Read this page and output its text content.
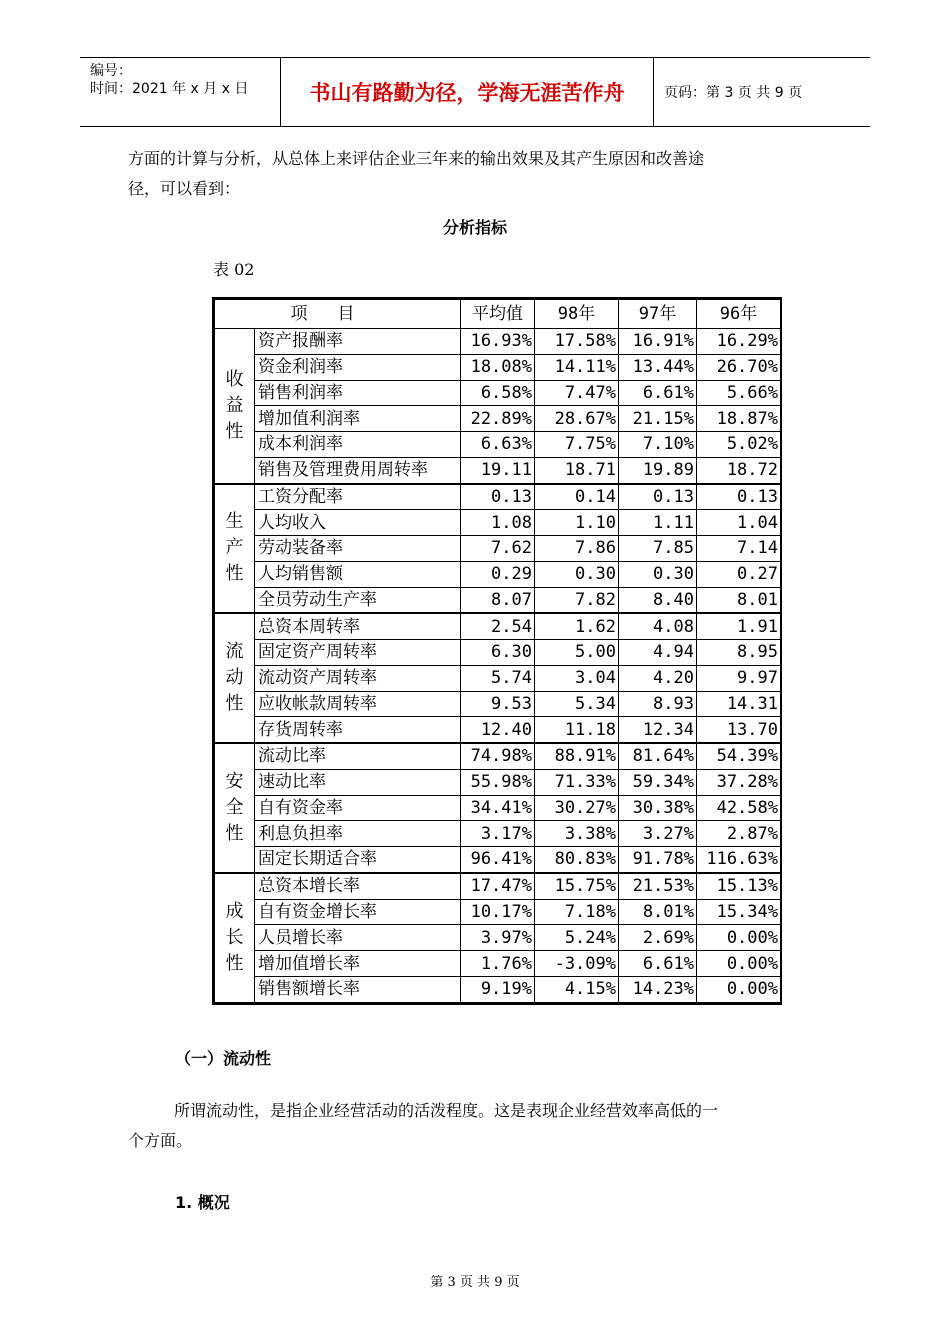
编号：
时间：2021 年 x 月 x 日	书山有路勤为径，学海无涯苦作舟	页码：第 3 页 共 9 页
方面的计算与分析，从总体上来评估企业三年来的输出效果及其产生原因和改善途
径，可以看到：
分析指标
表 02
项目		平均值	98年	97年	96年
收益性	资产报酬率	16.93%	17.58%	16.91%	16.29%
	资金利润率	18.08%	14.11%	13.44%	26.70%
	销售利润率	6.58%	7.47%	6.61%	5.66%
	增加值利润率	22.89%	28.67%	21.15%	18.87%
	成本利润率	6.63%	7.75%	7.10%	5.02%
	销售及管理费用周转率	19.11	18.71	19.89	18.72
生产性	工资分配率	0.13	0.14	0.13	0.13
	人均收入	1.08	1.10	1.11	1.04
	劳动装备率	7.62	7.86	7.85	7.14
	人均销售额	0.29	0.30	0.30	0.27
	全员劳动生产率	8.07	7.82	8.40	8.01
流动性	总资本周转率	2.54	1.62	4.08	1.91
	固定资产周转率	6.30	5.00	4.94	8.95
	流动资产周转率	5.74	3.04	4.20	9.97
	应收帐款周转率	9.53	5.34	8.93	14.31
	存货周转率	12.40	11.18	12.34	13.70
安全性	流动比率	74.98%	88.91%	81.64%	54.39%
	速动比率	55.98%	71.33%	59.34%	37.28%
	自有资金率	34.41%	30.27%	30.38%	42.58%
	利息负担率	3.17%	3.38%	3.27%	2.87%
	固定长期适合率	96.41%	80.83%	91.78%	116.63%
成长性	总资本增长率	17.47%	15.75%	21.53%	15.13%
	自有资金增长率	10.17%	7.18%	8.01%	15.34%
	人员增长率	3.97%	5.24%	2.69%	0.00%
	增加值增长率	1.76%	-3.09%	6.61%	0.00%
	销售额增长率	9.19%	4.15%	14.23%	0.00%
（一）流动性
所谓流动性，是指企业经营活动的活泼程度。这是表现企业经营效率高低的一
个方面。
1. 概况
第 3 页 共 9 页
